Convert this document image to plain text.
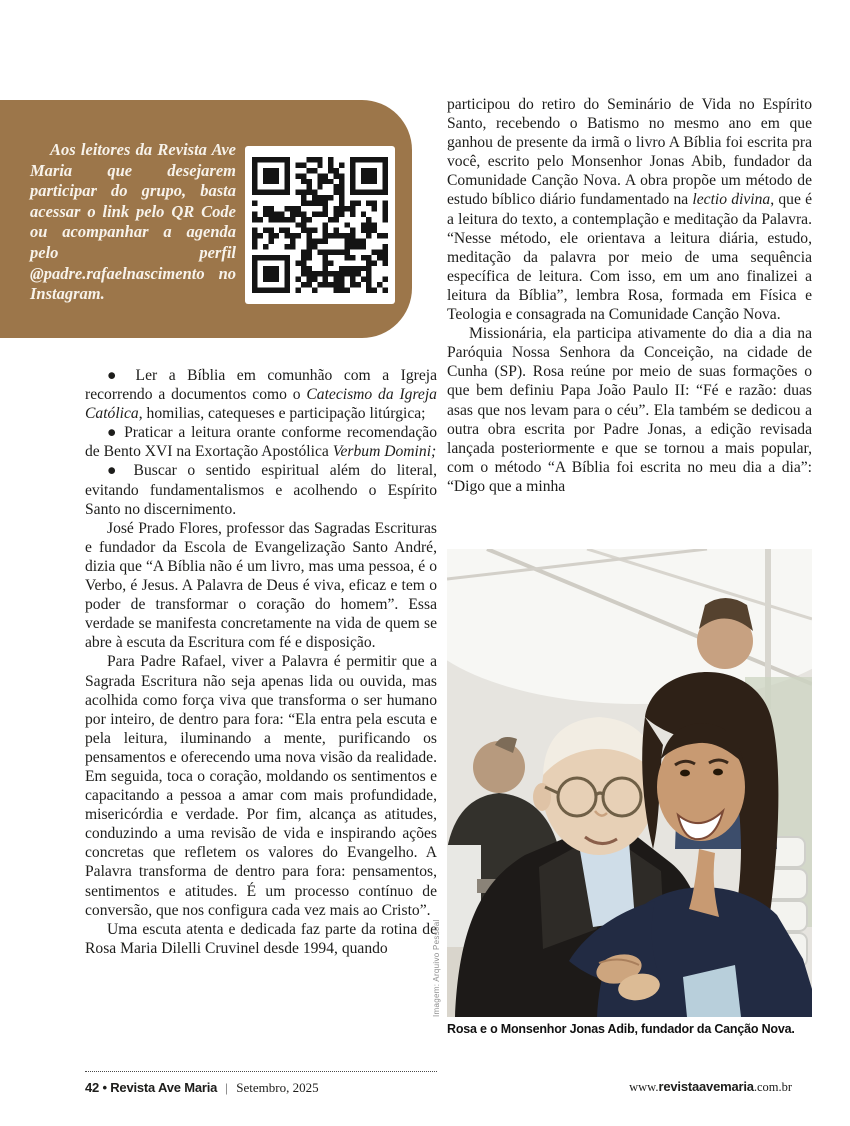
Aos leitores da Revista Ave Maria que desejarem participar do grupo, basta acessar o link pelo QR Code ou acompanhar a agenda pelo perfil @padre.rafaelnascimento no Instagram.

● Ler a Bíblia em comunhão com a Igreja recorrendo a documentos como o Catecismo da Igreja Católica, homilias, catequeses e participação litúrgica;

● Praticar a leitura orante conforme recomendação de Bento XVI na Exortação Apostólica Verbum Domini;

● Buscar o sentido espiritual além do literal, evitando fundamentalismos e acolhendo o Espírito Santo no discernimento.

José Prado Flores, professor das Sagradas Escrituras e fundador da Escola de Evangelização Santo André, dizia que “A Bíblia não é um livro, mas uma pessoa, é o Verbo, é Jesus. A Palavra de Deus é viva, eficaz e tem o poder de transformar o coração do homem”. Essa verdade se manifesta concretamente na vida de quem se abre à escuta da Escritura com fé e disposição.

Para Padre Rafael, viver a Palavra é permitir que a Sagrada Escritura não seja apenas lida ou ouvida, mas acolhida como força viva que transforma o ser humano por inteiro, de dentro para fora: “Ela entra pela escuta e pela leitura, iluminando a mente, purificando os pensamentos e oferecendo uma nova visão da realidade. Em seguida, toca o coração, moldando os sentimentos e capacitando a pessoa a amar com mais profundidade, misericórdia e verdade. Por fim, alcança as atitudes, conduzindo a uma revisão de vida e inspirando ações concretas que refletem os valores do Evangelho. A Palavra transforma de dentro para fora: pensamentos, sentimentos e atitudes. É um processo contínuo de conversão, que nos configura cada vez mais ao Cristo”.

Uma escuta atenta e dedicada faz parte da rotina de Rosa Maria Dilelli Cruvinel desde 1994, quando

participou do retiro do Seminário de Vida no Espírito Santo, recebendo o Batismo no mesmo ano em que ganhou de presente da irmã o livro A Bíblia foi escrita pra você, escrito pelo Monsenhor Jonas Abib, fundador da Comunidade Canção Nova. A obra propõe um método de estudo bíblico diário fundamentado na lectio divina, que é a leitura do texto, a contemplação e meditação da Palavra. “Nesse método, ele orientava a leitura diária, estudo, meditação da palavra por meio de uma sequência específica de leitura. Com isso, em um ano finalizei a leitura da Bíblia”, lembra Rosa, formada em Física e Teologia e consagrada na Comunidade Canção Nova.

Missionária, ela participa ativamente do dia a dia na Paróquia Nossa Senhora da Conceição, na cidade de Cunha (SP). Rosa reúne por meio de suas formações o que bem definiu Papa João Paulo II: “Fé e razão: duas asas que nos levam para o céu”. Ela também se dedicou a outra obra escrita por Padre Jonas, a edição revisada lançada posteriormente e que se tornou a mais popular, com o método “A Bíblia foi escrita no meu dia a dia”: “Digo que a minha

Imagem: Arquivo Pessoal
Rosa e o Monsenhor Jonas Adib, fundador da Canção Nova.
42 • Revista Ave Maria | Setembro, 2025	www.revistaavemaria.com.br
